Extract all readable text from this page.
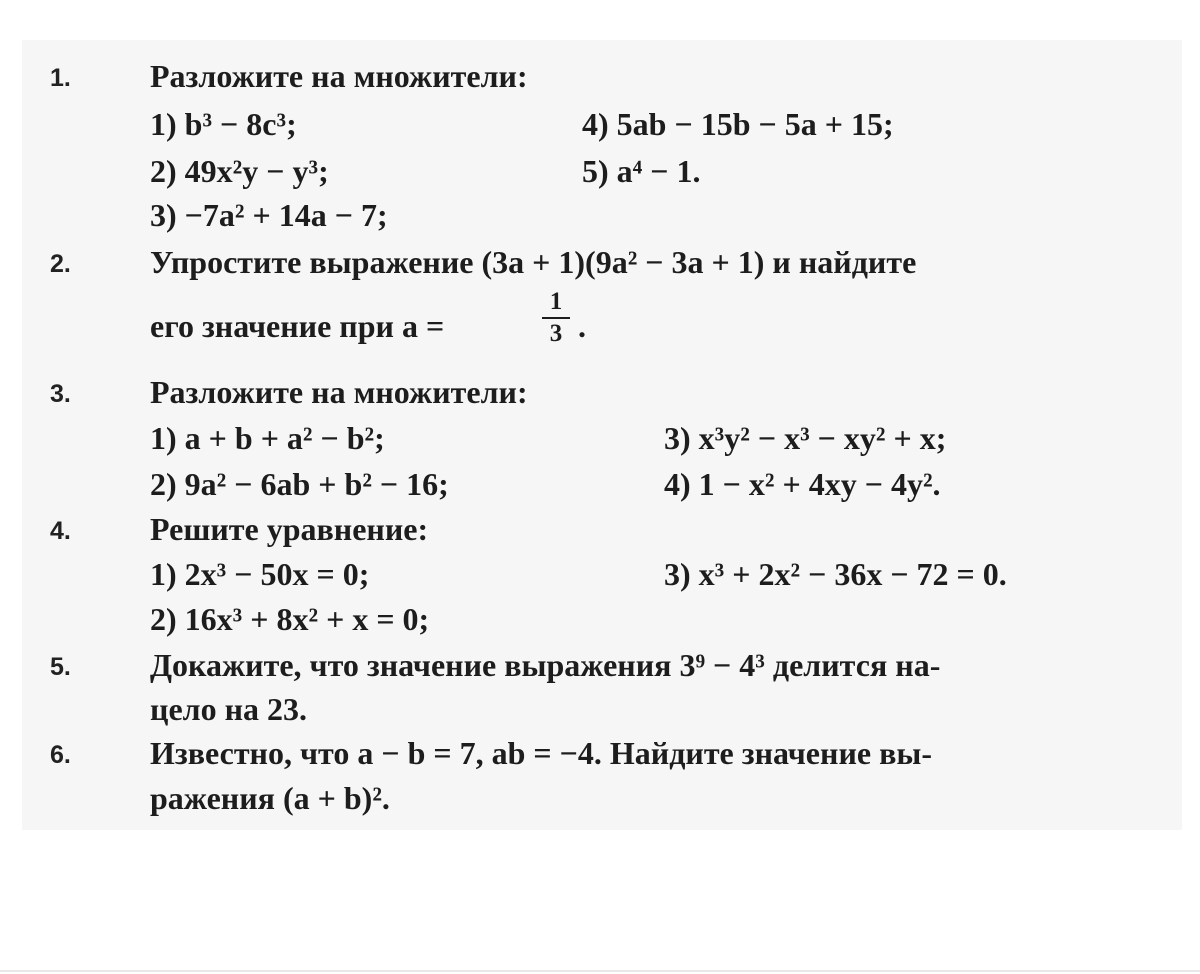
1. Разложите на множители:
1) b³ − 8c³;
2) 49x²y − y³;
3) −7a² + 14a − 7;
4) 5ab − 15b − 5a + 15;
5) a⁴ − 1.
2. Упростите выражение (3a + 1)(9a² − 3a + 1) и найдите
его значение при a =
1
3 .
3. Разложите на множители:
1) a + b + a² − b²;
2) 9a² − 6ab + b² − 16;
3) x³y² − x³ − xy² + x;
4) 1 − x² + 4xy − 4y².
4. Решите уравнение:
1) 2x³ − 50x = 0;
2) 16x³ + 8x² + x = 0;
3) x³ + 2x² − 36x − 72 = 0.
5. Докажите, что значение выражения 3⁹ − 4³ делится на-
цело на 23.
6. Известно, что a − b = 7, ab = −4. Найдите значение вы-
ражения (a + b)².
